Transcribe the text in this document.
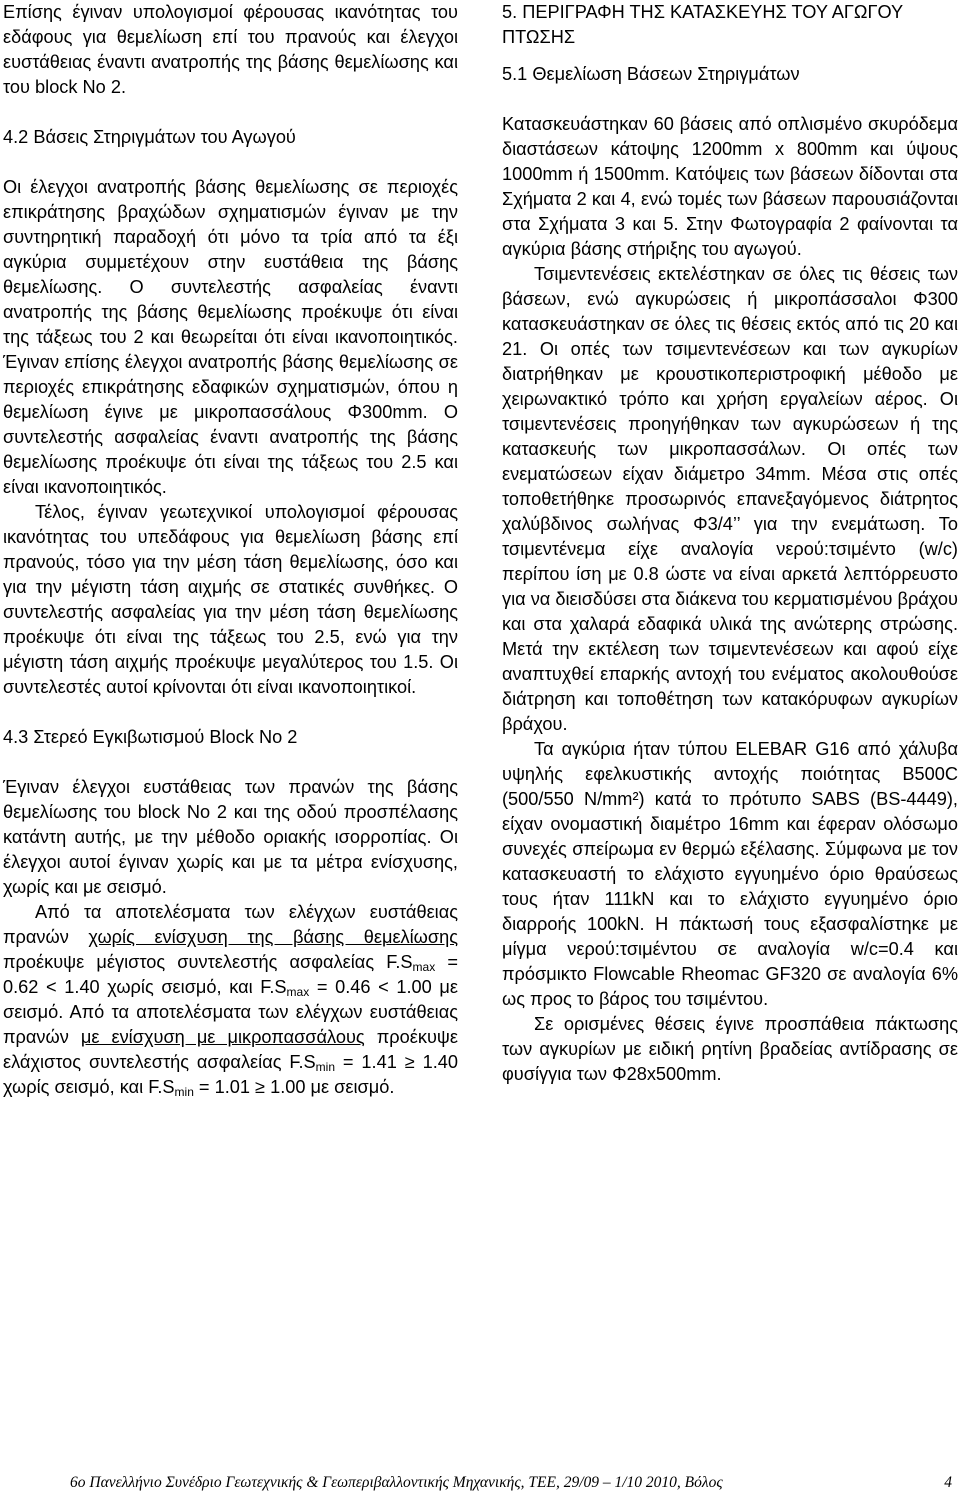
Επίσης έγιναν υπολογισμοί φέρουσας ικανότητας του εδάφους για θεμελίωση επί του πρανούς και έλεγχοι ευστάθειας έναντι ανατροπής της βάσης θεμελίωσης και του block No 2.

4.2 Βάσεις Στηριγμάτων του Αγωγού

Οι έλεγχοι ανατροπής βάσης θεμελίωσης σε περιοχές επικράτησης βραχώδων σχηματισμών έγιναν με την συντηρητική παραδοχή ότι μόνο τα τρία από τα έξι αγκύρια συμμετέχουν στην ευστάθεια της βάσης θεμελίωσης. Ο συντελεστής ασφαλείας έναντι ανατροπής της βάσης θεμελίωσης προέκυψε ότι είναι της τάξεως του 2 και θεωρείται ότι είναι ικανοποιητικός. Έγιναν επίσης έλεγχοι ανατροπής βάσης θεμελίωσης σε περιοχές επικράτησης εδαφικών σχηματισμών, όπου η θεμελίωση έγινε με μικροπασσάλους Φ300mm. Ο συντελεστής ασφαλείας έναντι ανατροπής της βάσης θεμελίωσης προέκυψε ότι είναι της τάξεως του 2.5 και είναι ικανοποιητικός.

Τέλος, έγιναν γεωτεχνικοί υπολογισμοί φέρουσας ικανότητας του υπεδάφους για θεμελίωση βάσης επί πρανούς, τόσο για την μέση τάση θεμελίωσης, όσο και για την μέγιστη τάση αιχμής σε στατικές συνθήκες. Ο συντελεστής ασφαλείας για την μέση τάση θεμελίωσης προέκυψε ότι είναι της τάξεως του 2.5, ενώ για την μέγιστη τάση αιχμής προέκυψε μεγαλύτερος του 1.5. Οι συντελεστές αυτοί κρίνονται ότι είναι ικανοποιητικοί.

4.3 Στερεό Εγκιβωτισμού Block No 2

Έγιναν έλεγχοι ευστάθειας των πρανών της βάσης θεμελίωσης του block No 2 και της οδού προσπέλασης κατάντη αυτής, με την μέθοδο οριακής ισορροπίας. Οι έλεγχοι αυτοί έγιναν χωρίς και με τα μέτρα ενίσχυσης, χωρίς και με σεισμό.

Από τα αποτελέσματα των ελέγχων ευστάθειας πρανών χωρίς ενίσχυση της βάσης θεμελίωσης προέκυψε μέγιστος συντελεστής ασφαλείας $F.S_{max} = 0.62 < 1.40$ χωρίς σεισμό, και $F.S_{max} = 0.46 < 1.00$ με σεισμό. Από τα αποτελέσματα των ελέγχων ευστάθειας πρανών με ενίσχυση με μικροπασσάλους προέκυψε ελάχιστος συντελεστής ασφαλείας $F.S_{min} = 1.41 \ge 1.40$ χωρίς σεισμό, και $F.S_{min} = 1.01 \ge 1.00$ με σεισμό.

5. ΠΕΡΙΓΡΑΦΗ ΤΗΣ ΚΑΤΑΣΚΕΥΗΣ ΤΟΥ ΑΓΩΓΟΥ ΠΤΩΣΗΣ
5.1 Θεμελίωση Βάσεων Στηριγμάτων

Κατασκευάστηκαν 60 βάσεις από οπλισμένο σκυρόδεμα διαστάσεων κάτοψης 1200mm x 800mm και ύψους 1000mm ή 1500mm. Κατόψεις των βάσεων δίδονται στα Σχήματα 2 και 4, ενώ τομές των βάσεων παρουσιάζονται στα Σχήματα 3 και 5. Στην Φωτογραφία 2 φαίνονται τα αγκύρια βάσης στήριξης του αγωγού.

Τσιμεντενέσεις εκτελέστηκαν σε όλες τις θέσεις των βάσεων, ενώ αγκυρώσεις ή μικροπάσσαλοι Φ300 κατασκευάστηκαν σε όλες τις θέσεις εκτός από τις 20 και 21. Οι οπές των τσιμεντενέσεων και των αγκυρίων διατρήθηκαν με κρουστικοπεριστροφική μέθοδο με χειρωνακτικό τρόπο και χρήση εργαλείων αέρος. Οι τσιμεντενέσεις προηγήθηκαν των αγκυρώσεων ή της κατασκευής των μικροπασσάλων. Οι οπές των ενεματώσεων είχαν διάμετρο 34mm. Μέσα στις οπές τοποθετήθηκε προσωρινός επανεξαγόμενος διάτρητος χαλύβδινος σωλήνας Φ3/4’’ για την ενεμάτωση. Το τσιμεντένεμα είχε αναλογία νερού:τσιμέντο (w/c) περίπου ίση με 0.8 ώστε να είναι αρκετά λεπτόρρευστο για να διεισδύσει στα διάκενα του κερματισμένου βράχου και στα χαλαρά εδαφικά υλικά της ανώτερης στρώσης. Μετά την εκτέλεση των τσιμεντενέσεων και αφού είχε αναπτυχθεί επαρκής αντοχή του ενέματος ακολουθούσε διάτρηση και τοποθέτηση των κατακόρυφων αγκυρίων βράχου.

Τα αγκύρια ήταν τύπου ELEBAR G16 από χάλυβα υψηλής εφελκυστικής αντοχής ποιότητας B500C (500/550 N/mm²) κατά το πρότυπο SABS (BS-4449), είχαν ονομαστική διαμέτρο 16mm και έφεραν ολόσωμο συνεχές σπείρωμα εν θερμώ εξέλασης. Σύμφωνα με τον κατασκευαστή το ελάχιστο εγγυημένο όριο θραύσεως τους ήταν 111kN και το ελάχιστο εγγυημένο όριο διαρροής 100kN. Η πάκτωσή τους εξασφαλίστηκε με μίγμα νερού:τσιμέντου σε αναλογία w/c=0.4 και πρόσμικτο Flowcable Rheomac GF320 σε αναλογία 6% ως προς το βάρος του τσιμέντου.

Σε ορισμένες θέσεις έγινε προσπάθεια πάκτωσης των αγκυρίων με ειδική ρητίνη βραδείας αντίδρασης σε φυσίγγια των Φ28x500mm.

6ο Πανελλήνιο Συνέδριο Γεωτεχνικής & Γεωπεριβαλλοντικής Μηχανικής, ΤΕΕ, 29/09 – 1/10 2010, Βόλος	4
